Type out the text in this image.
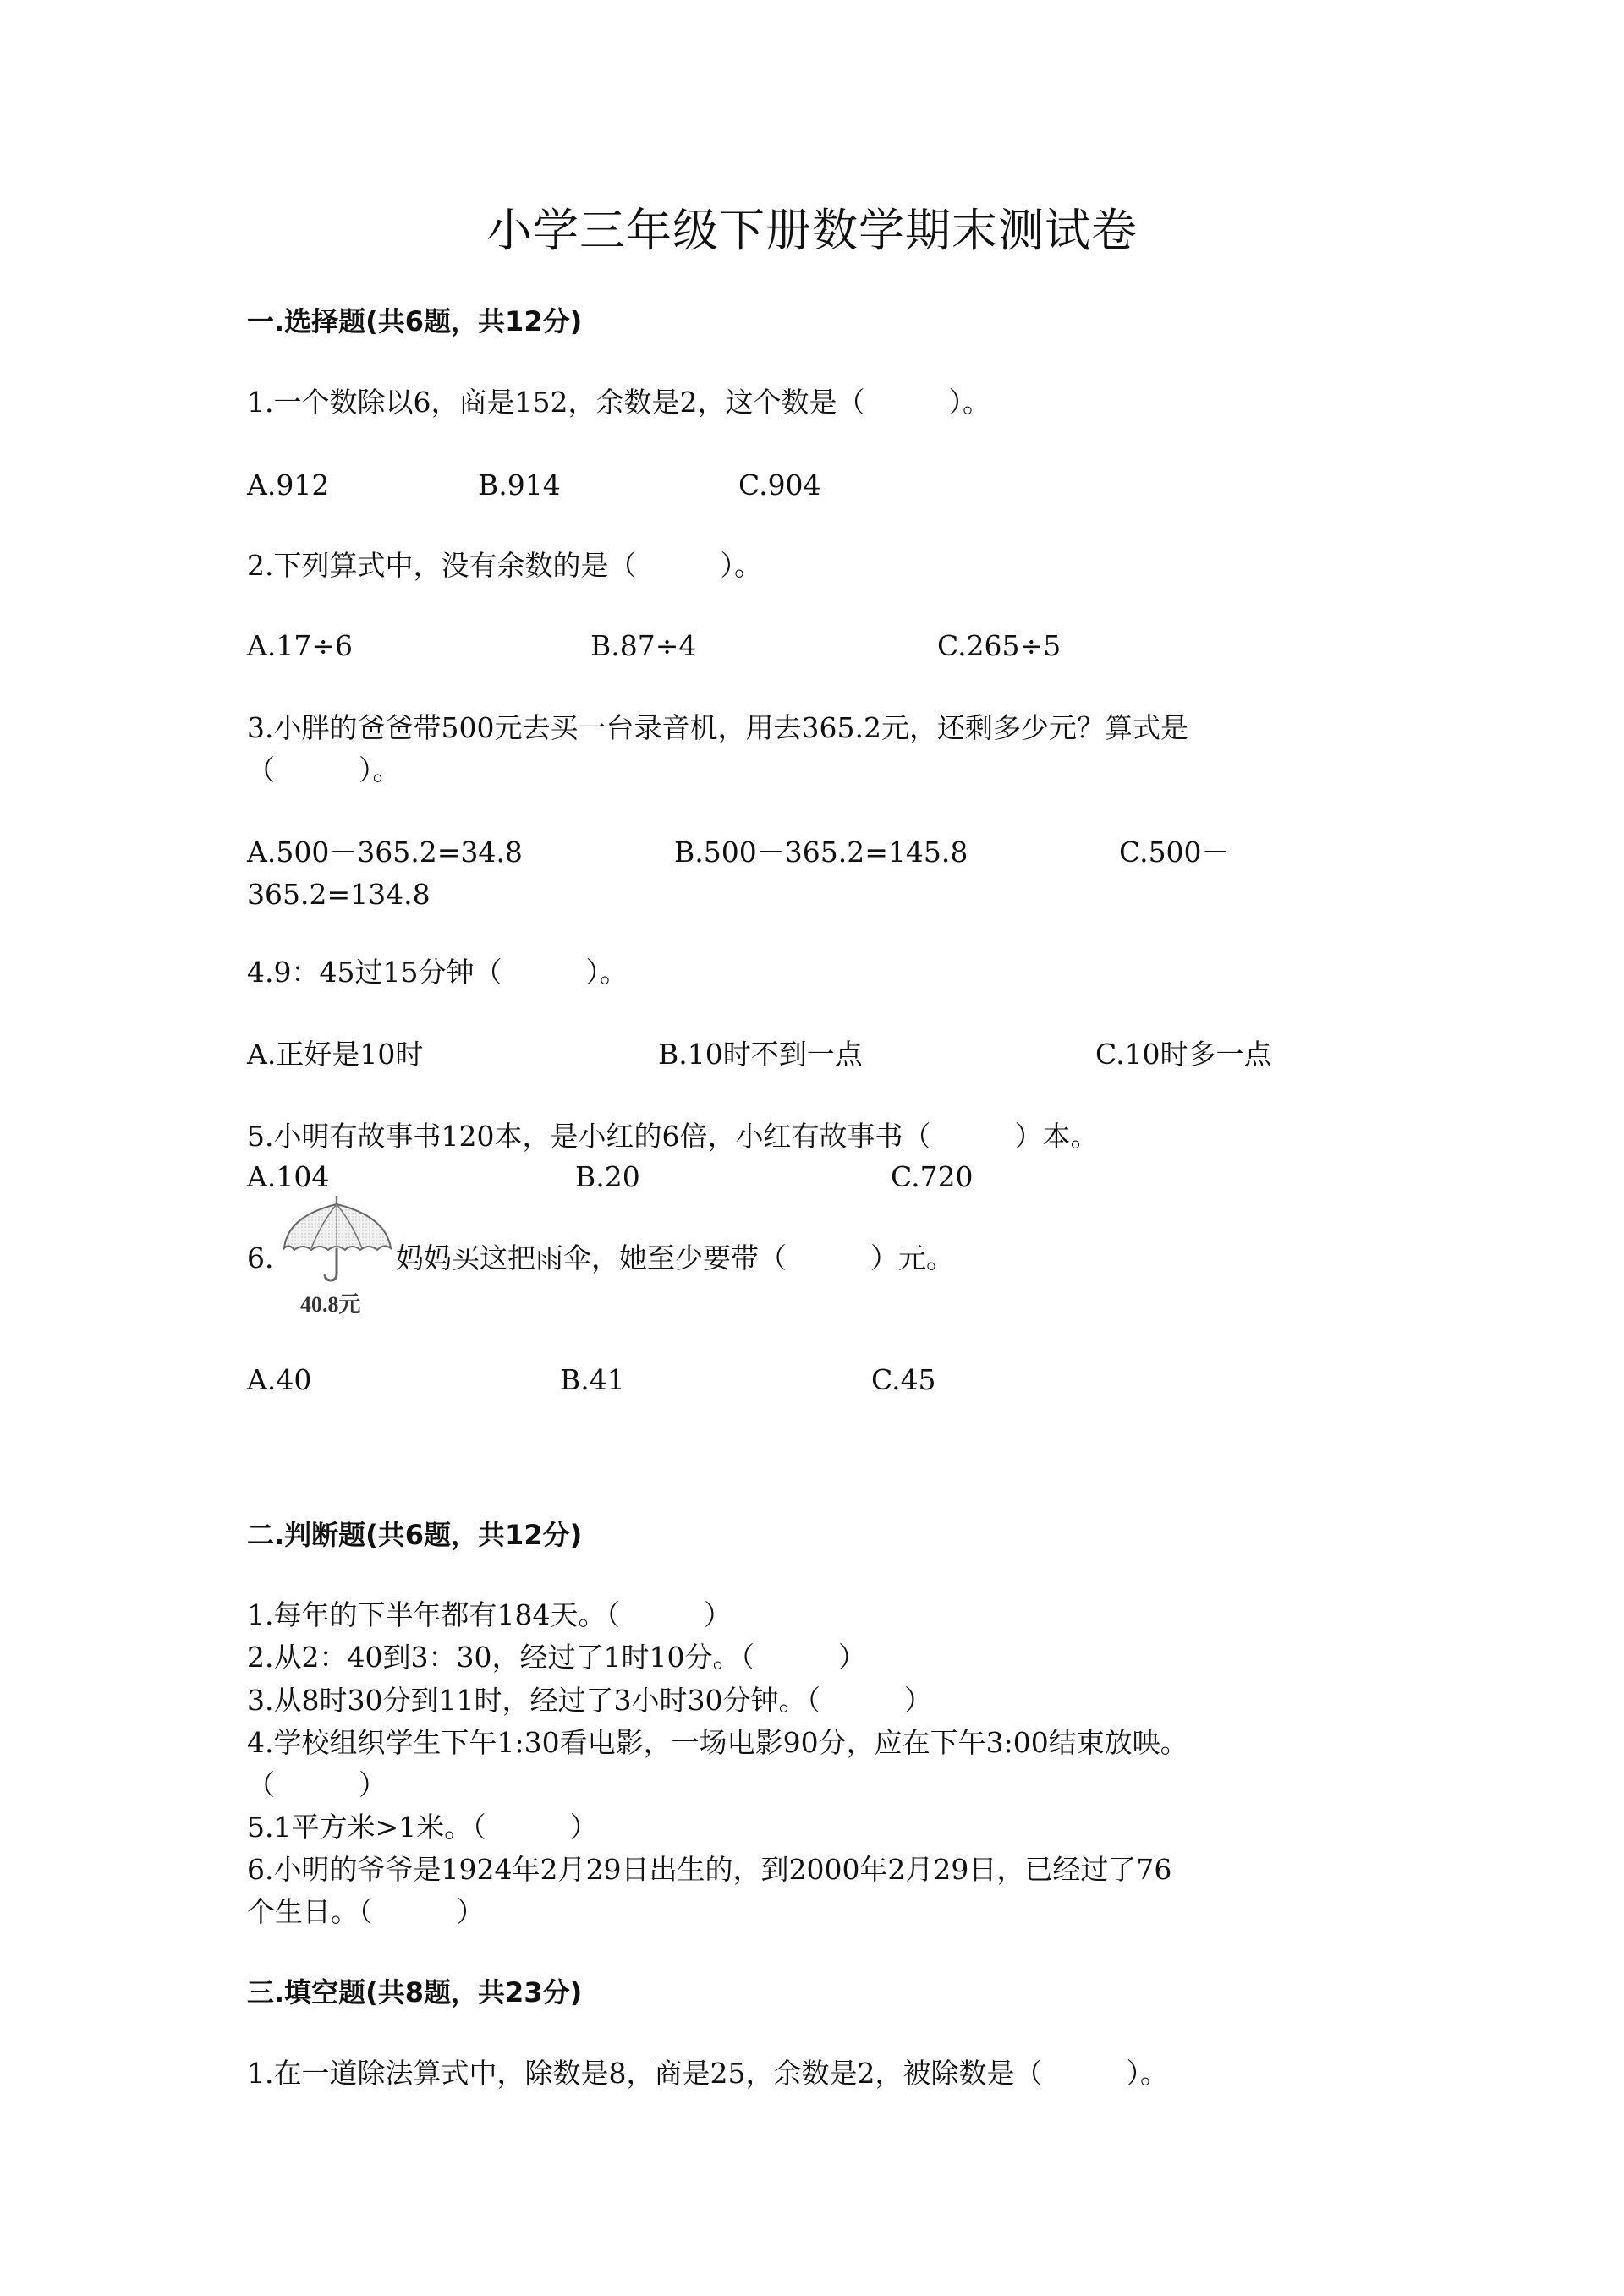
小学三年级下册数学期末测试卷
一.选择题(共6题，共12分)
1.一个数除以6，商是152，余数是2，这个数是（　　　）。
A.912	B.914	C.904
2.下列算式中，没有余数的是（　　　）。
A.17÷6	B.87÷4	C.265÷5
3.小胖的爸爸带500元去买一台录音机，用去365.2元，还剩多少元？算式是
（　　　）。
A.500－365.2=34.8	B.500－365.2=145.8	C.500－
365.2=134.8
4.9：45过15分钟（　　　）。
A.正好是10时	B.10时不到一点	C.10时多一点
5.小明有故事书120本，是小红的6倍，小红有故事书（　　　）本。
A.104	B.20	C.720
6.
40.8元
妈妈买这把雨伞，她至少要带（　　　）元。
A.40	B.41	C.45
二.判断题(共6题，共12分)
1.每年的下半年都有184天。（　　　）
2.从2：40到3：30，经过了1时10分。（　　　）
3.从8时30分到11时，经过了3小时30分钟。（　　　）
4.学校组织学生下午1:30看电影，一场电影90分，应在下午3:00结束放映。
（　　　）
5.1平方米>1米。（　　　）
6.小明的爷爷是1924年2月29日出生的，到2000年2月29日，已经过了76
个生日。（　　　）
三.填空题(共8题，共23分)
1.在一道除法算式中，除数是8，商是25，余数是2，被除数是（　　　）。
